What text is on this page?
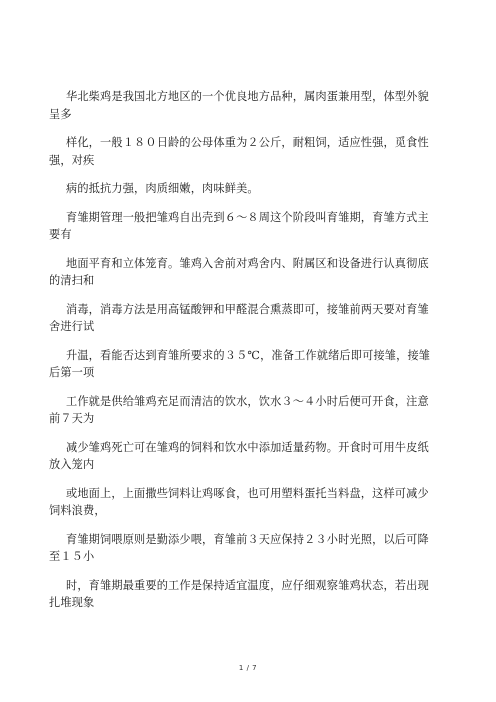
华北柴鸡是我国北方地区的一个优良地方品种，属肉蛋兼用型，体型外貌
呈多

样化，一般１８０日龄的公母体重为２公斤，耐粗饲，适应性强，觅食性
强，对疾

病的抵抗力强，肉质细嫩，肉味鲜美。

育雏期管理一般把雏鸡自出壳到６～８周这个阶段叫育雏期，育雏方式主
要有

地面平育和立体笼育。雏鸡入舍前对鸡舍内、附属区和设备进行认真彻底
的清扫和

消毒，消毒方法是用高锰酸钾和甲醛混合熏蒸即可，接雏前两天要对育雏
舍进行试

升温，看能否达到育雏所要求的３５℃，准备工作就绪后即可接雏，接雏
后第一项

工作就是供给雏鸡充足而清洁的饮水，饮水３～４小时后便可开食，注意
前７天为

减少雏鸡死亡可在雏鸡的饲料和饮水中添加适量药物。开食时可用牛皮纸
放入笼内

或地面上，上面撒些饲料让鸡啄食，也可用塑料蛋托当料盘，这样可减少
饲料浪费，

育雏期饲喂原则是勤添少喂，育雏前３天应保持２３小时光照，以后可降
至１５小

时，育雏期最重要的工作是保持适宜温度，应仔细观察雏鸡状态，若出现
扎堆现象

1 / 7
